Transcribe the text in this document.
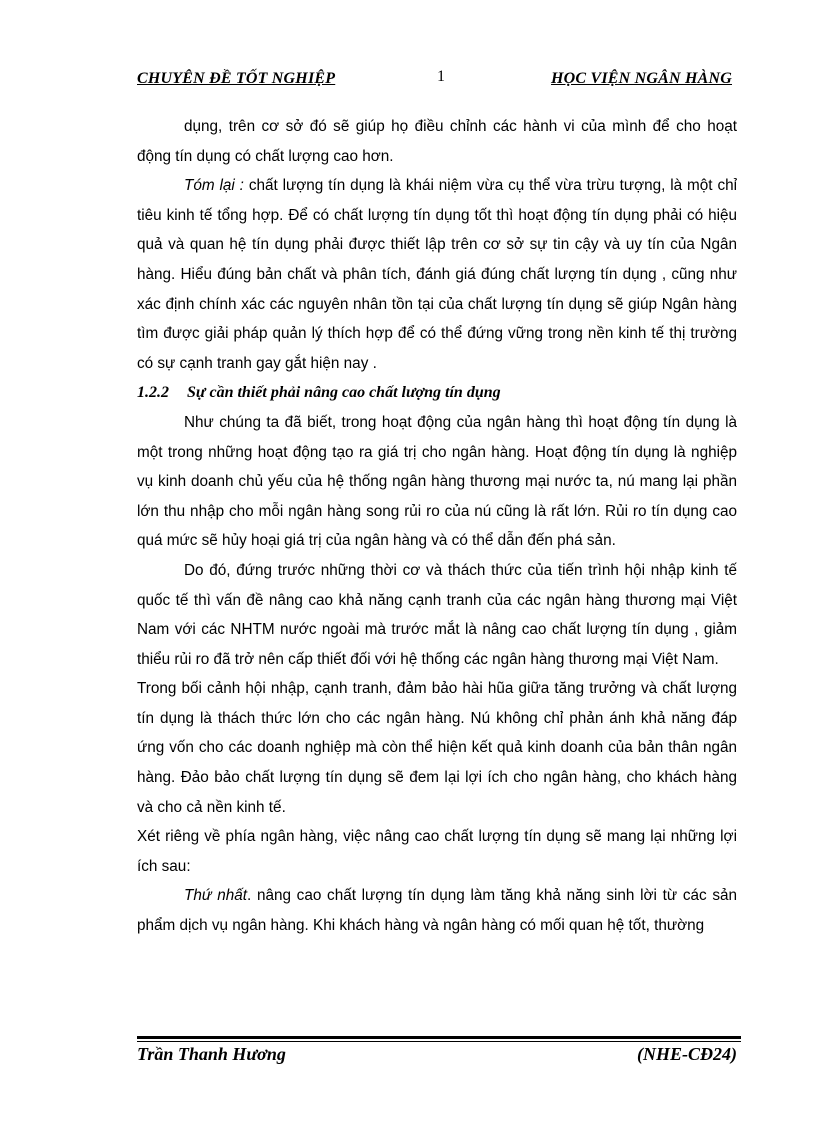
CHUYÊN ĐỀ TỐT NGHIỆP	1	HỌC VIỆN NGÂN HÀNG

dụng, trên cơ sở đó sẽ giúp họ điều chỉnh các hành vi của mình để cho hoạt động tín dụng có chất lượng cao hơn.

Tóm lại : chất lượng tín dụng là khái niệm vừa cụ thể vừa trừu tượng, là một chỉ tiêu kinh tế tổng hợp. Để có chất lượng tín dụng tốt thì hoạt động tín dụng phải có hiệu quả và quan hệ tín dụng phải được thiết lập trên cơ sở sự tin cậy và uy tín của Ngân hàng. Hiểu đúng bản chất và phân tích, đánh giá đúng chất lượng tín dụng , cũng như xác định chính xác các nguyên nhân tồn tại của chất lượng tín dụng sẽ giúp Ngân hàng tìm được giải pháp quản lý thích hợp để có thể đứng vững trong nền kinh tế thị trường có sự cạnh tranh gay gắt hiện nay .

1.2.2 Sự cần thiết phải nâng cao chất lượng tín dụng

Như chúng ta đã biết, trong hoạt động của ngân hàng thì hoạt động tín dụng là một trong những hoạt động tạo ra giá trị cho ngân hàng. Hoạt động tín dụng là nghiệp vụ kinh doanh chủ yếu của hệ thống ngân hàng thương mại nước ta, nú mang lại phần lớn thu nhập cho mỗi ngân hàng song rủi ro của nú cũng là rất lớn. Rủi ro tín dụng cao quá mức sẽ hủy hoại giá trị của ngân hàng và có thể dẫn đến phá sản.

Do đó, đứng trước những thời cơ và thách thức của tiến trình hội nhập kinh tế quốc tế thì vấn đề nâng cao khả năng cạnh tranh của các ngân hàng thương mại Việt Nam với các NHTM nước ngoài mà trước mắt là nâng cao chất lượng tín dụng , giảm thiểu rủi ro đã trở nên cấp thiết đối với hệ thống các ngân hàng thương mại Việt Nam.

Trong bối cảnh hội nhập, cạnh tranh, đảm bảo hài hũa giữa tăng trưởng và chất lượng tín dụng là thách thức lớn cho các ngân hàng. Nú không chỉ phản ánh khả năng đáp ứng vốn cho các doanh nghiệp mà còn thể hiện kết quả kinh doanh của bản thân ngân hàng. Đảo bảo chất lượng tín dụng sẽ đem lại lợi ích cho ngân hàng, cho khách hàng và cho cả nền kinh tế.

Xét riêng về phía ngân hàng, việc nâng cao chất lượng tín dụng sẽ mang lại những lợi ích sau:

Thứ nhất. nâng cao chất lượng tín dụng làm tăng khả năng sinh lời từ các sản phẩm dịch vụ ngân hàng. Khi khách hàng và ngân hàng có mối quan hệ tốt, thường

Trần Thanh Hương	(NHE-CĐ24)
